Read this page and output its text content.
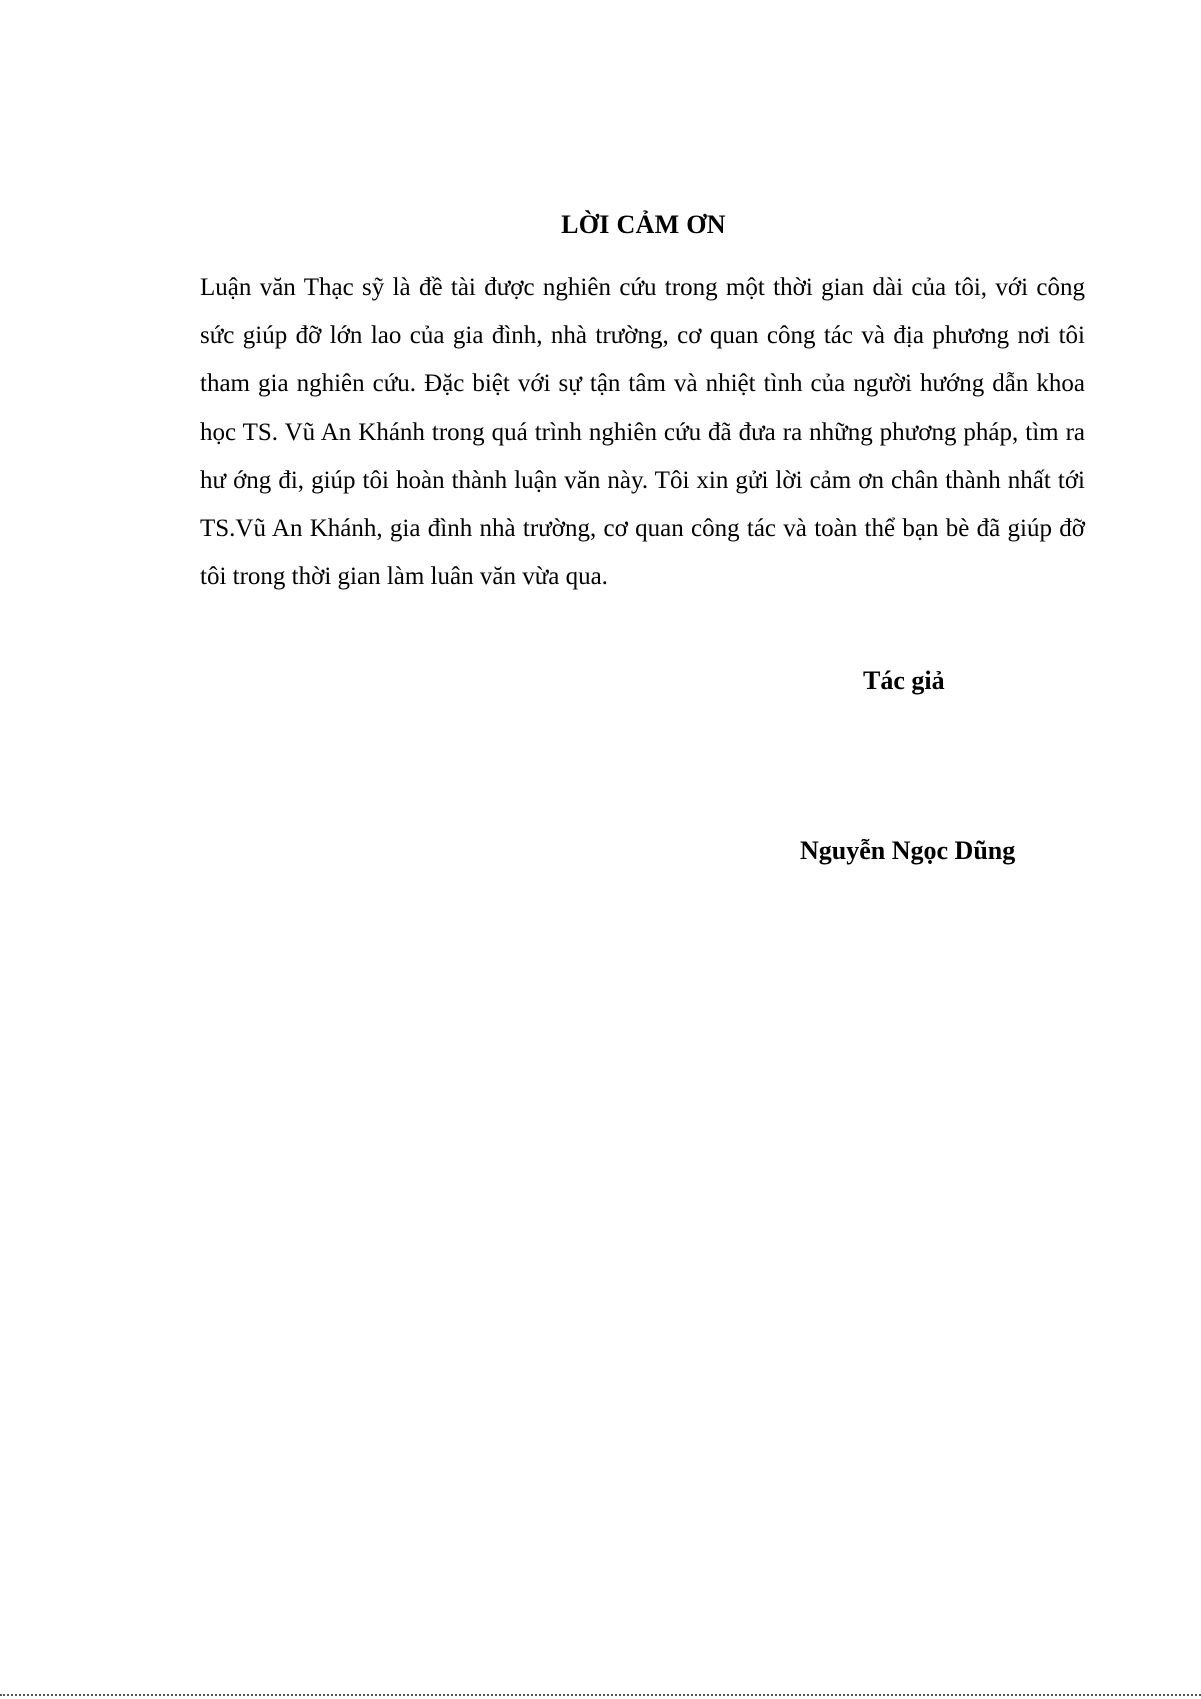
LỜI CẢM ƠN

Luận văn Thạc sỹ là đề tài được nghiên cứu trong một thời gian dài của tôi, với công sức giúp đỡ lớn lao của gia đình, nhà trường, cơ quan công tác và địa phương nơi tôi tham gia nghiên cứu. Đặc biệt với sự tận tâm và nhiệt tình của người hướng dẫn khoa học TS. Vũ An Khánh trong quá trình nghiên cứu đã đưa ra những phương pháp, tìm ra hư ớng đi, giúp tôi hoàn thành luận văn này. Tôi xin gửi lời cảm ơn chân thành nhất tới TS.Vũ An Khánh, gia đình nhà trường, cơ quan công tác và toàn thể bạn bè đã giúp đỡ tôi trong thời gian làm luân văn vừa qua.

Tác giả
Nguyễn Ngọc Dũng
